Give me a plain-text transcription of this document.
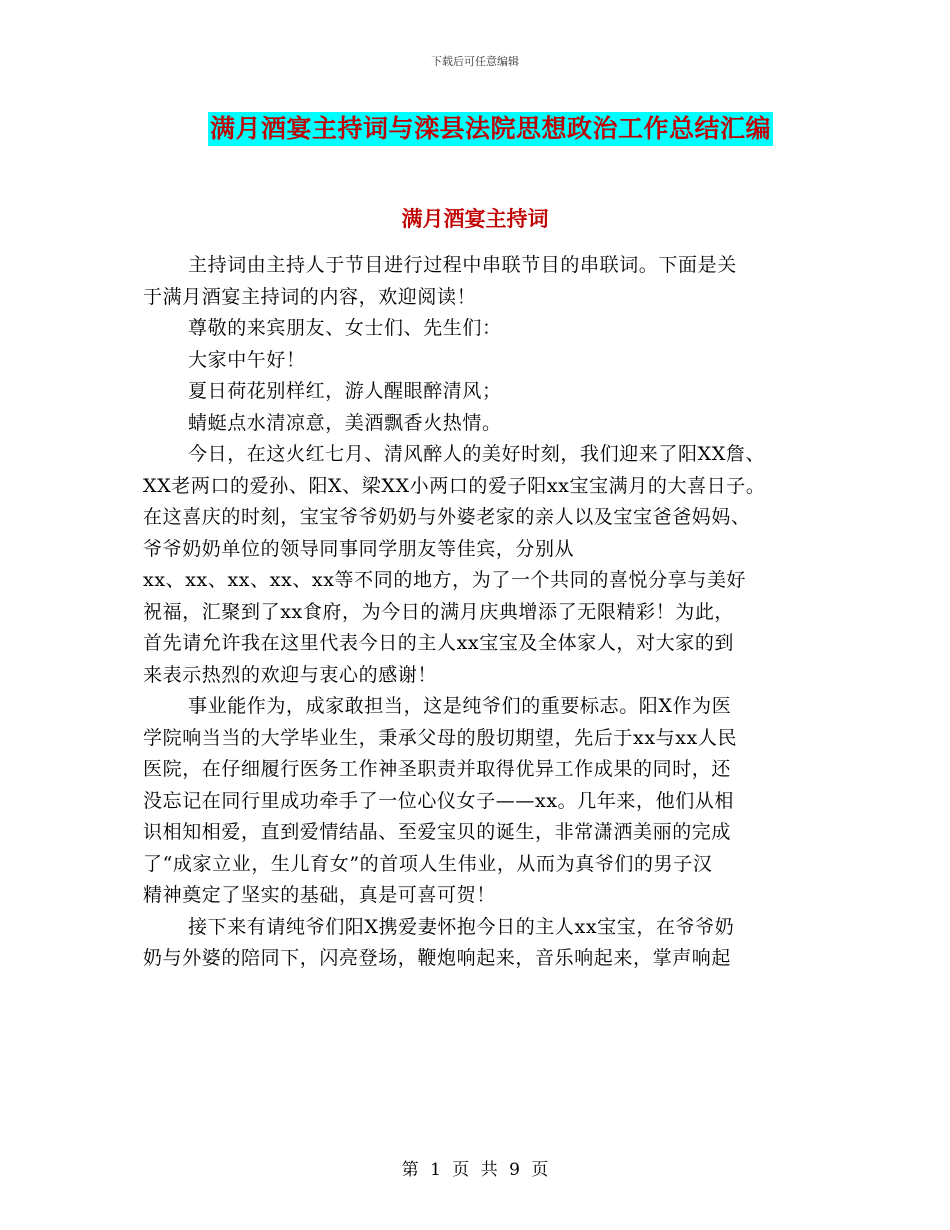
下载后可任意编辑
满月酒宴主持词与滦县法院思想政治工作总结汇编
满月酒宴主持词
主持词由主持人于节目进行过程中串联节目的串联词。下面是关
于满月酒宴主持词的内容，欢迎阅读！
尊敬的来宾朋友、女士们、先生们：
大家中午好！
夏日荷花别样红，游人醒眼醉清风；
蜻蜓点水清凉意，美酒飘香火热情。
今日，在这火红七月、清风醉人的美好时刻，我们迎来了阳XX詹、
XX老两口的爱孙、阳X、梁XX小两口的爱子阳xx宝宝满月的大喜日子。
在这喜庆的时刻，宝宝爷爷奶奶与外婆老家的亲人以及宝宝爸爸妈妈、
爷爷奶奶单位的领导同事同学朋友等佳宾，分别从
xx、xx、xx、xx、xx等不同的地方，为了一个共同的喜悦分享与美好
祝福，汇聚到了xx食府，为今日的满月庆典增添了无限精彩！为此，
首先请允许我在这里代表今日的主人xx宝宝及全体家人，对大家的到
来表示热烈的欢迎与衷心的感谢！
事业能作为，成家敢担当，这是纯爷们的重要标志。阳X作为医
学院响当当的大学毕业生，秉承父母的殷切期望，先后于xx与xx人民
医院，在仔细履行医务工作神圣职责并取得优异工作成果的同时，还
没忘记在同行里成功牵手了一位心仪女子——xx。几年来，他们从相
识相知相爱，直到爱情结晶、至爱宝贝的诞生，非常潇洒美丽的完成
了“成家立业，生儿育女”的首项人生伟业，从而为真爷们的男子汉
精神奠定了坚实的基础，真是可喜可贺！
接下来有请纯爷们阳X携爱妻怀抱今日的主人xx宝宝，在爷爷奶
奶与外婆的陪同下，闪亮登场，鞭炮响起来，音乐响起来，掌声响起
第 1 页 共 9 页
